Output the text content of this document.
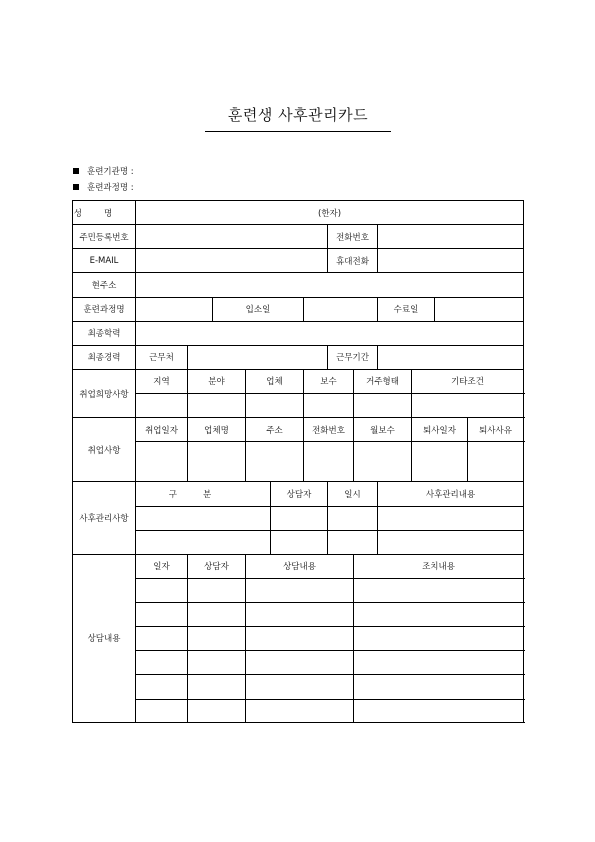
훈련생 사후관리카드
훈련기관명 :
훈련과정명 :
성명	(한자)											
주민등록번호							전화번호					
E-MAIL							휴대전화					
현주소												
훈련과정명			입소일						수료일			
최종학력												
최종경력	근무처						근무기간					
취업희망사항	지역	분야		업체		보수		거주형태		기타조건		

취업사항	취업일자	업체명		주소		전화번호		월보수		퇴사일자		퇴사사유

사후관리사항	구분				상담자		일시		사후관리내용			

상담내용	일자	상담자		상담내용				조치내용				
